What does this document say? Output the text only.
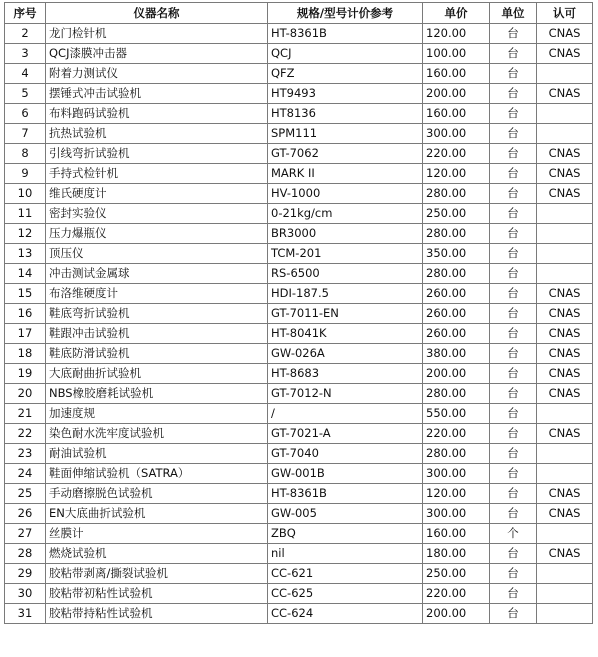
序号	仪器名称	规格/型号计价参考	单价	单位	认可
2	龙门检针机	HT-8361B	120.00	台	CNAS
3	QCJ漆膜冲击器	QCJ	100.00	台	CNAS
4	附着力测试仪	QFZ	160.00	台	
5	摆锤式冲击试验机	HT9493	200.00	台	CNAS
6	布料跑码试验机	HT8136	160.00	台	
7	抗热试验机	SPM111	300.00	台	
8	引线弯折试验机	GT-7062	220.00	台	CNAS
9	手持式检针机	MARK II	120.00	台	CNAS
10	维氏硬度计	HV-1000	280.00	台	CNAS
11	密封实验仪	0-21kg/cm	250.00	台	
12	压力爆瓶仪	BR3000	280.00	台	
13	顶压仪	TCM-201	350.00	台	
14	冲击测试金属球	RS-6500	280.00	台	
15	布洛维硬度计	HDI-187.5	260.00	台	CNAS
16	鞋底弯折试验机	GT-7011-EN	260.00	台	CNAS
17	鞋跟冲击试验机	HT-8041K	260.00	台	CNAS
18	鞋底防滑试验机	GW-026A	380.00	台	CNAS
19	大底耐曲折试验机	HT-8683	200.00	台	CNAS
20	NBS橡胶磨耗试验机	GT-7012-N	280.00	台	CNAS
21	加速度规	/	550.00	台	
22	染色耐水洗牢度试验机	GT-7021-A	220.00	台	CNAS
23	耐油试验机	GT-7040	280.00	台	
24	鞋面伸缩试验机（SATRA）	GW-001B	300.00	台	
25	手动磨擦脱色试验机	HT-8361B	120.00	台	CNAS
26	EN大底曲折试验机	GW-005	300.00	台	CNAS
27	丝膜计	ZBQ	160.00	个	
28	燃烧试验机	nil	180.00	台	CNAS
29	胶粘带剥离/撕裂试验机	CC-621	250.00	台	
30	胶粘带初粘性试验机	CC-625	220.00	台	
31	胶粘带持粘性试验机	CC-624	200.00	台	
